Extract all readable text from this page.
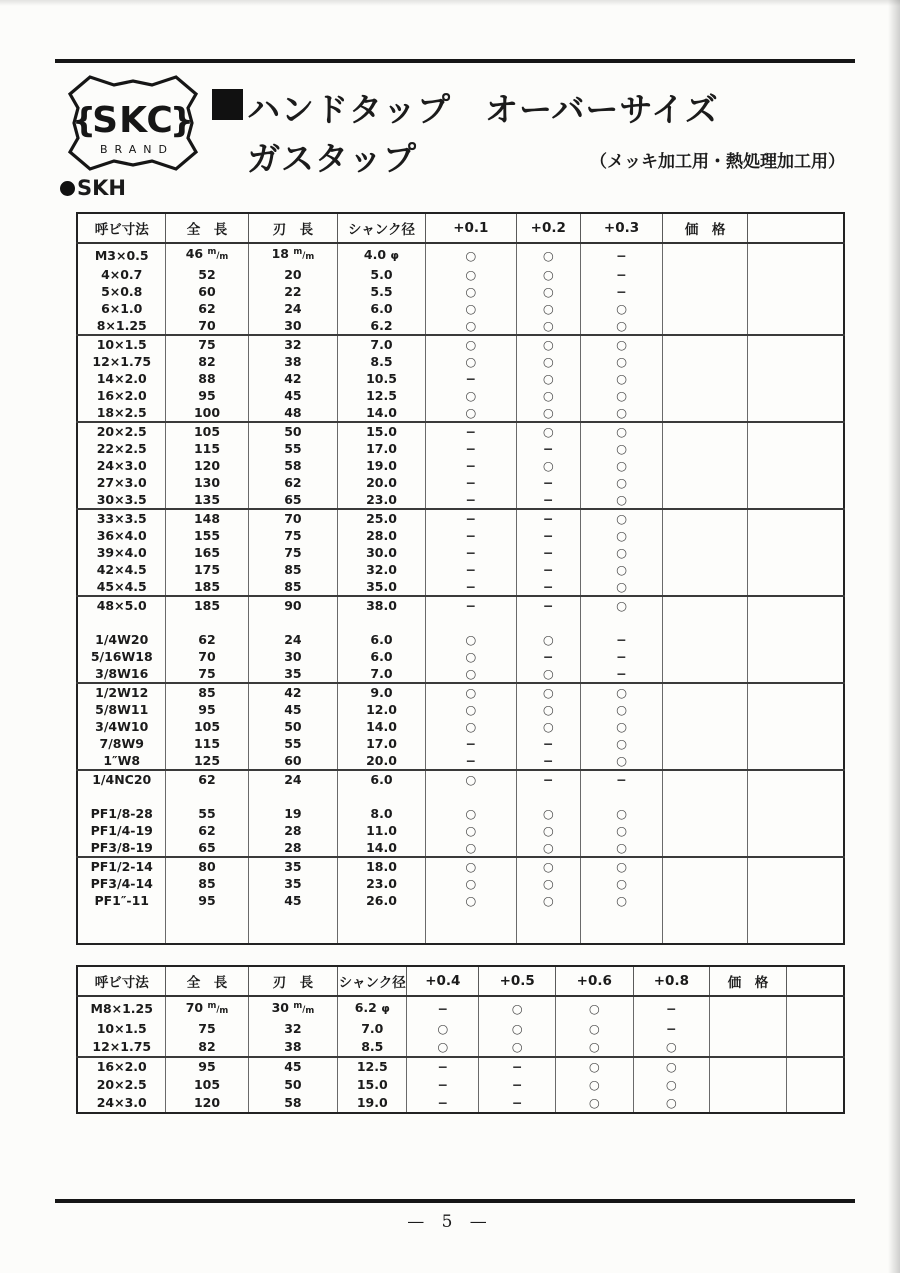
{
SKC
}
BRAND
ハンドタップ　オーバーサイズ
ガスタップ	（メッキ加工用・熱処理加工用）
SKH
呼ビ寸法	全　長	刃　長	シャンク径	+0.1	+0.2	+0.3	価　格	
M3×0.5	46 $^m/_m$	18 $^m/_m$	4.0 φ	○	○	−		
4×0.7	52	20	5.0	○	○	−		
5×0.8	60	22	5.5	○	○	−		
6×1.0	62	24	6.0	○	○	○		
8×1.25	70	30	6.2	○	○	○		
10×1.5	75	32	7.0	○	○	○		
12×1.75	82	38	8.5	○	○	○		
14×2.0	88	42	10.5	−	○	○		
16×2.0	95	45	12.5	○	○	○		
18×2.5	100	48	14.0	○	○	○		
20×2.5	105	50	15.0	−	○	○		
22×2.5	115	55	17.0	−	−	○		
24×3.0	120	58	19.0	−	○	○		
27×3.0	130	62	20.0	−	−	○		
30×3.5	135	65	23.0	−	−	○		
33×3.5	148	70	25.0	−	−	○		
36×4.0	155	75	28.0	−	−	○		
39×4.0	165	75	30.0	−	−	○		
42×4.5	175	85	32.0	−	−	○		
45×4.5	185	85	35.0	−	−	○		
48×5.0	185	90	38.0	−	−	○		

1/4W20	62	24	6.0	○	○	−		
5/16W18	70	30	6.0	○	−	−		
3/8W16	75	35	7.0	○	○	−		
1/2W12	85	42	9.0	○	○	○		
5/8W11	95	45	12.0	○	○	○		
3/4W10	105	50	14.0	○	○	○		
7/8W9	115	55	17.0	−	−	○		
1″W8	125	60	20.0	−	−	○		
1/4NC20	62	24	6.0	○	−	−		

PF1/8-28	55	19	8.0	○	○	○		
PF1/4-19	62	28	11.0	○	○	○		
PF3/8-19	65	28	14.0	○	○	○		
PF1/2-14	80	35	18.0	○	○	○		
PF3/4-14	85	35	23.0	○	○	○		
PF1″-11	95	45	26.0	○	○	○		

呼ビ寸法	全　長	刃　長	シャンク径	+0.4	+0.5	+0.6	+0.8	価　格	
M8×1.25	70 $^m/_m$	30 $^m/_m$	6.2 φ	−	○	○	−		
10×1.5	75	32	7.0	○	○	○	−		
12×1.75	82	38	8.5	○	○	○	○		
16×2.0	95	45	12.5	−	−	○	○		
20×2.5	105	50	15.0	−	−	○	○		
24×3.0	120	58	19.0	−	−	○	○		
— 5 —
